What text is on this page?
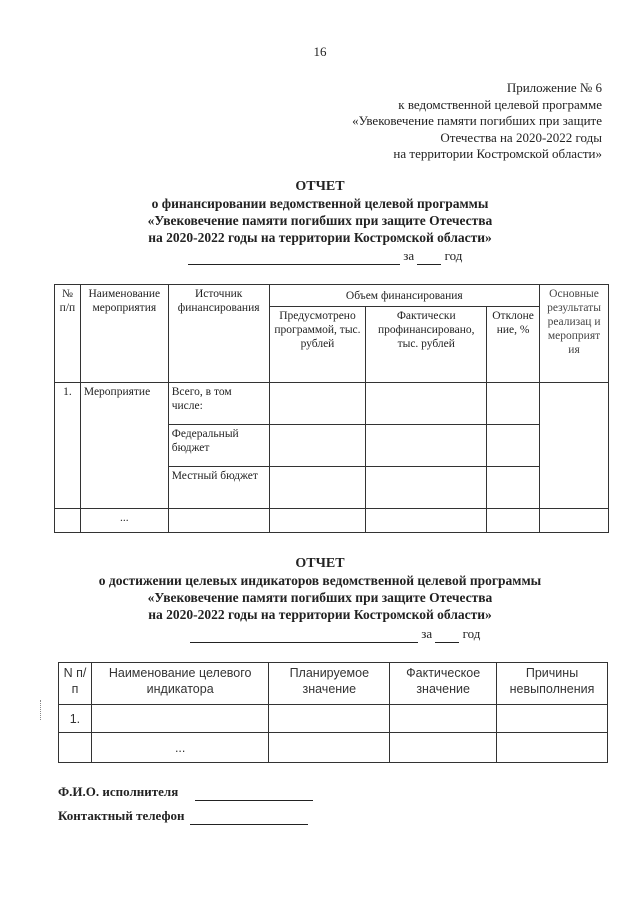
16
Приложение № 6
к ведомственной целевой программе
«Увековечение памяти погибших при защите
Отечества на 2020-2022 годы
на территории Костромской области»
ОТЧЕТ
о финансировании ведомственной целевой программы
«Увековечение памяти погибших при защите Отечества
на 2020-2022 годы на территории Костромской области»
за год
№ п/п	Наименование мероприятия	Источник финансирования	Объем финансирования			Основные результаты реализац и мероприят ия
			Предусмотрено программой, тыс. рублей	Фактически профинансировано, тыс. рублей	Отклоне ние, %	
1.	Мероприятие	Всего, в том числе:				
		Федеральный бюджет				
		Местный бюджет				
	...					
ОТЧЕТ
о достижении целевых индикаторов ведомственной целевой программы
«Увековечение памяти погибших при защите Отечества
на 2020-2022 годы на территории Костромской области»
за год
N п/п	Наименование целевого индикатора	Планируемое значение	Фактическое значение	Причины невыполнения
1.				
	...			
Ф.И.О. исполнителя
Контактный телефон
